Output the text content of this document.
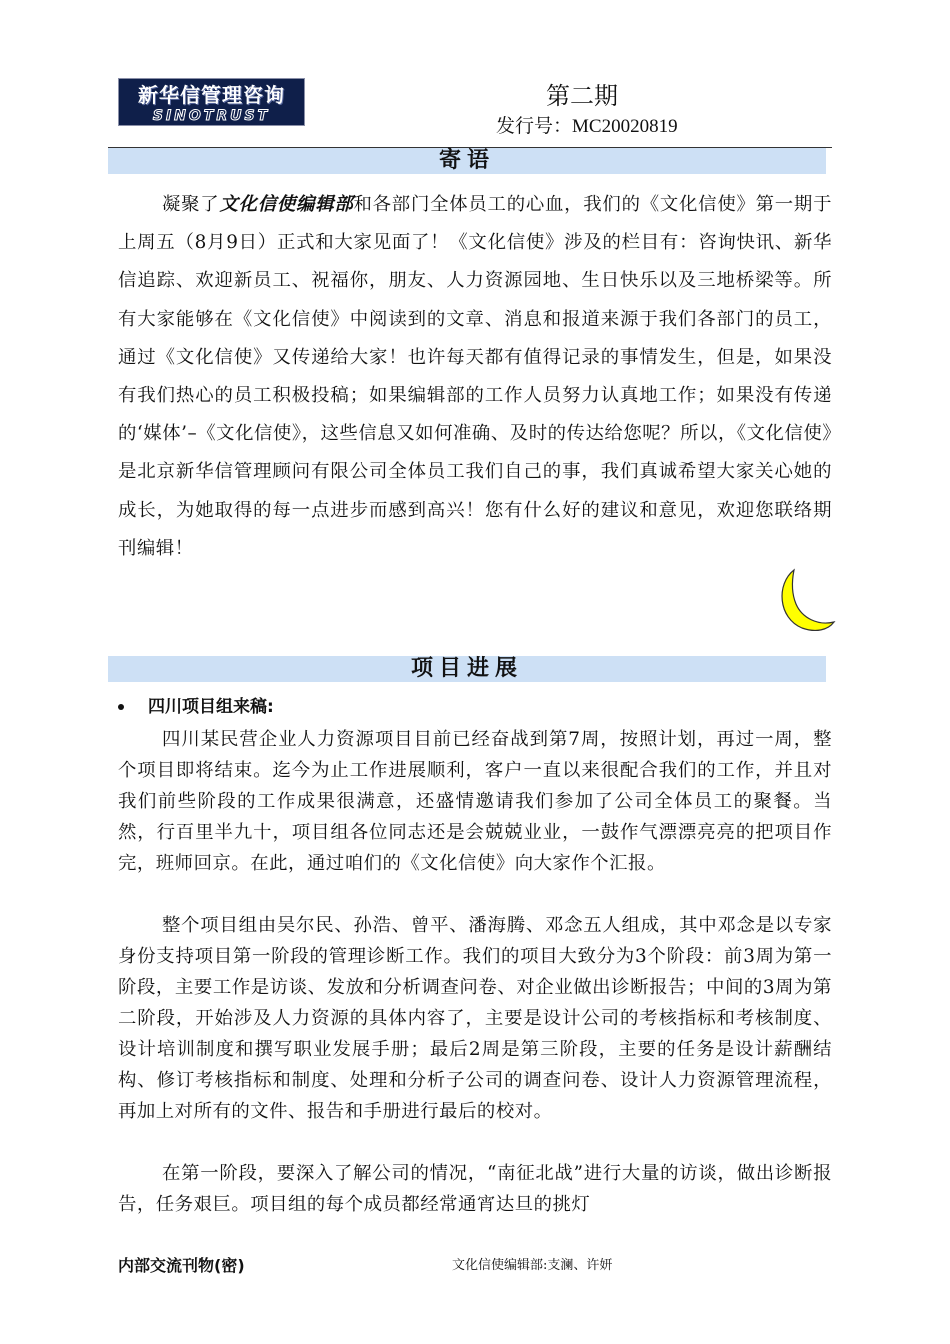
新华信管理咨询
SINOTRUST
第二期
发行号：MC20020819
寄语

凝聚了文化信使编辑部和各部门全体员工的心血，我们的《文化信使》第一期于上周五（8月9日）正式和大家见面了！《文化信使》涉及的栏目有：咨询快讯、新华信追踪、欢迎新员工、祝福你，朋友、人力资源园地、生日快乐以及三地桥梁等。所有大家能够在《文化信使》中阅读到的文章、消息和报道来源于我们各部门的员工，通过《文化信使》又传递给大家！也许每天都有值得记录的事情发生，但是，如果没有我们热心的员工积极投稿；如果编辑部的工作人员努力认真地工作；如果没有传递的‘媒体’–《文化信使》，这些信息又如何准确、及时的传达给您呢？所以，《文化信使》是北京新华信管理顾问有限公司全体员工我们自己的事，我们真诚希望大家关心她的成长，为她取得的每一点进步而感到高兴！您有什么好的建议和意见，欢迎您联络期刊编辑！

项目进展
四川项目组来稿:

四川某民营企业人力资源项目目前已经奋战到第7周，按照计划，再过一周，整个项目即将结束。迄今为止工作进展顺利，客户一直以来很配合我们的工作，并且对我们前些阶段的工作成果很满意，还盛情邀请我们参加了公司全体员工的聚餐。当然，行百里半九十，项目组各位同志还是会兢兢业业，一鼓作气漂漂亮亮的把项目作完，班师回京。在此，通过咱们的《文化信使》向大家作个汇报。

整个项目组由吴尔民、孙浩、曾平、潘海腾、邓念五人组成，其中邓念是以专家身份支持项目第一阶段的管理诊断工作。我们的项目大致分为3个阶段：前3周为第一阶段，主要工作是访谈、发放和分析调查问卷、对企业做出诊断报告；中间的3周为第二阶段，开始涉及人力资源的具体内容了，主要是设计公司的考核指标和考核制度、设计培训制度和撰写职业发展手册；最后2周是第三阶段，主要的任务是设计薪酬结构、修订考核指标和制度、处理和分析子公司的调查问卷、设计人力资源管理流程，再加上对所有的文件、报告和手册进行最后的校对。

在第一阶段，要深入了解公司的情况，“南征北战”进行大量的访谈，做出诊断报告，任务艰巨。项目组的每个成员都经常通宵达旦的挑灯

内部交流刊物(密)	文化信使编辑部:支澜、许妍
